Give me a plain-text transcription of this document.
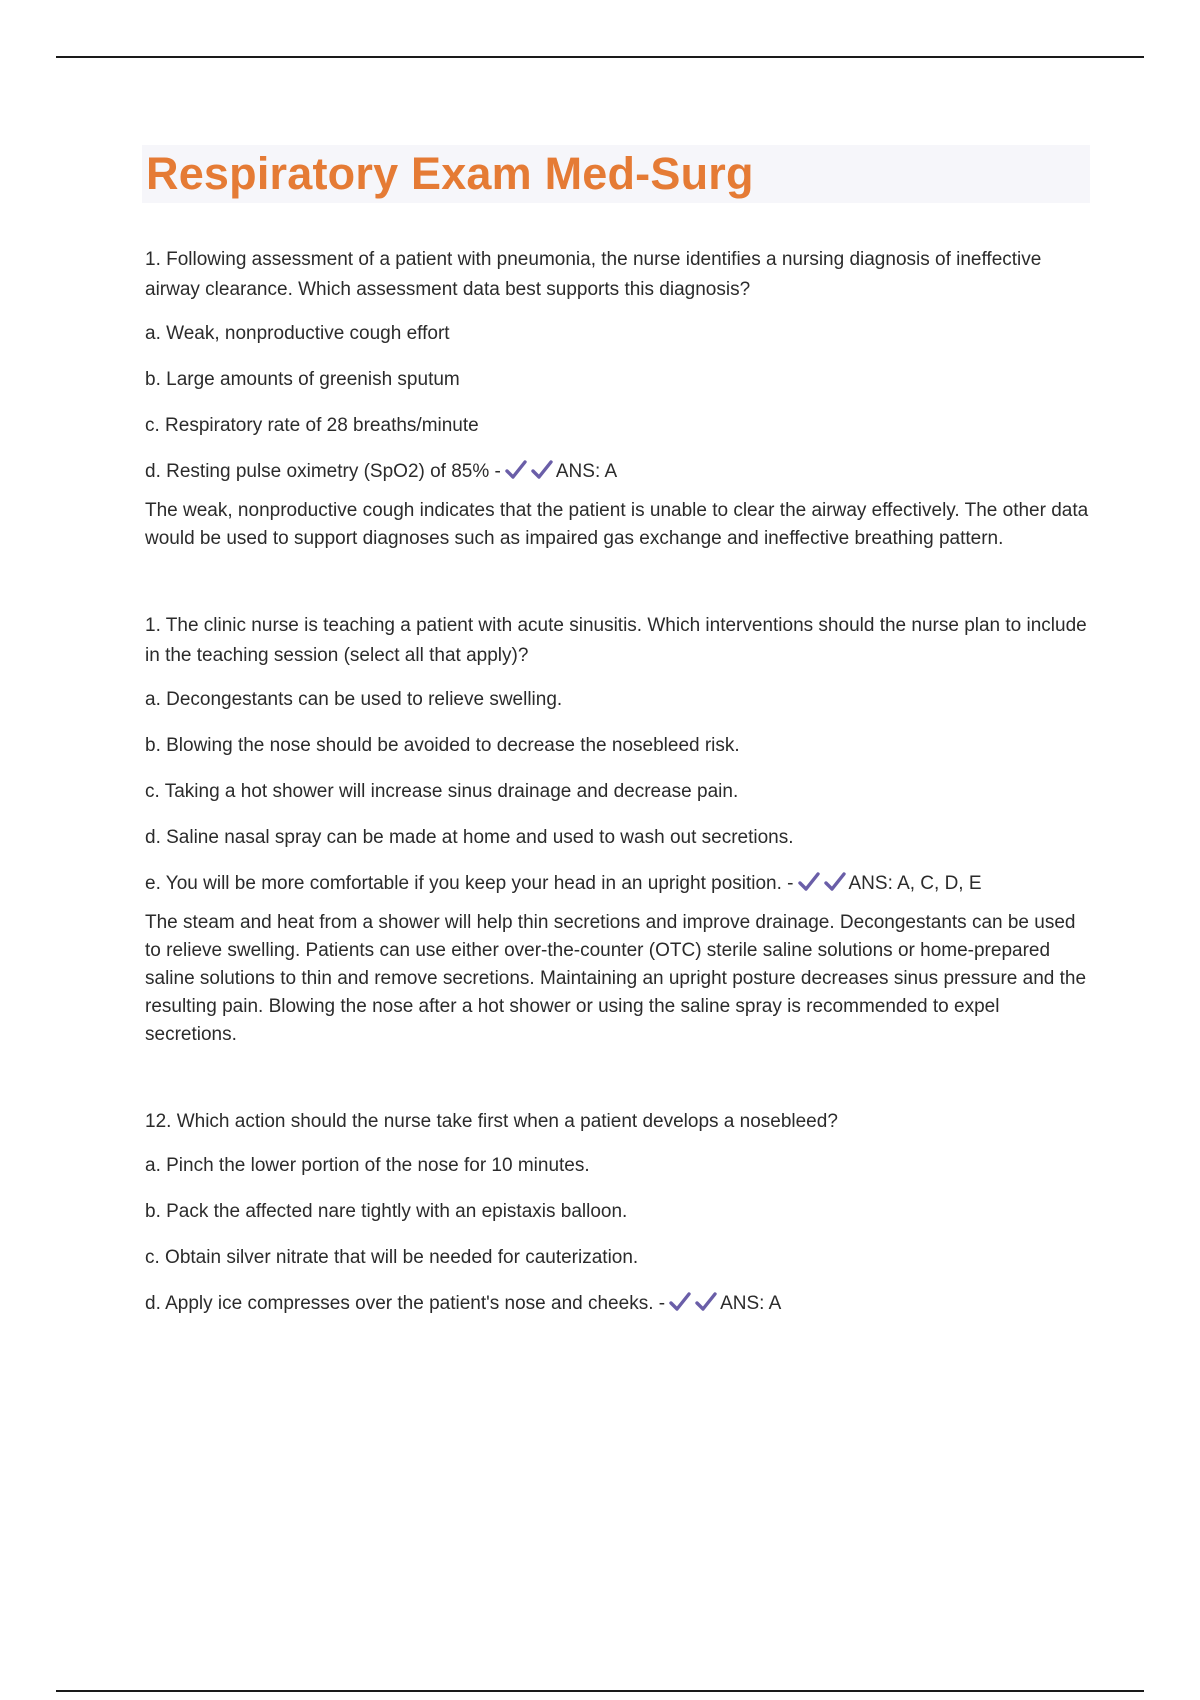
Respiratory Exam Med-Surg

1. Following assessment of a patient with pneumonia, the nurse identifies a nursing diagnosis of ineffective airway clearance. Which assessment data best supports this diagnosis?

a. Weak, nonproductive cough effort

b. Large amounts of greenish sputum

c. Respiratory rate of 28 breaths/minute

d. Resting pulse oximetry (SpO2) of 85% -	ANS: A

The weak, nonproductive cough indicates that the patient is unable to clear the airway effectively. The other data would be used to support diagnoses such as impaired gas exchange and ineffective breathing pattern.

1. The clinic nurse is teaching a patient with acute sinusitis. Which interventions should the nurse plan to include in the teaching session (select all that apply)?

a. Decongestants can be used to relieve swelling.

b. Blowing the nose should be avoided to decrease the nosebleed risk.

c. Taking a hot shower will increase sinus drainage and decrease pain.

d. Saline nasal spray can be made at home and used to wash out secretions.

e. You will be more comfortable if you keep your head in an upright position. -	ANS: A, C, D, E

The steam and heat from a shower will help thin secretions and improve drainage. Decongestants can be used to relieve swelling. Patients can use either over-the-counter (OTC) sterile saline solutions or home-prepared saline solutions to thin and remove secretions. Maintaining an upright posture decreases sinus pressure and the resulting pain. Blowing the nose after a hot shower or using the saline spray is recommended to expel secretions.

12. Which action should the nurse take first when a patient develops a nosebleed?

a. Pinch the lower portion of the nose for 10 minutes.

b. Pack the affected nare tightly with an epistaxis balloon.

c. Obtain silver nitrate that will be needed for cauterization.

d. Apply ice compresses over the patient's nose and cheeks. -	ANS: A
